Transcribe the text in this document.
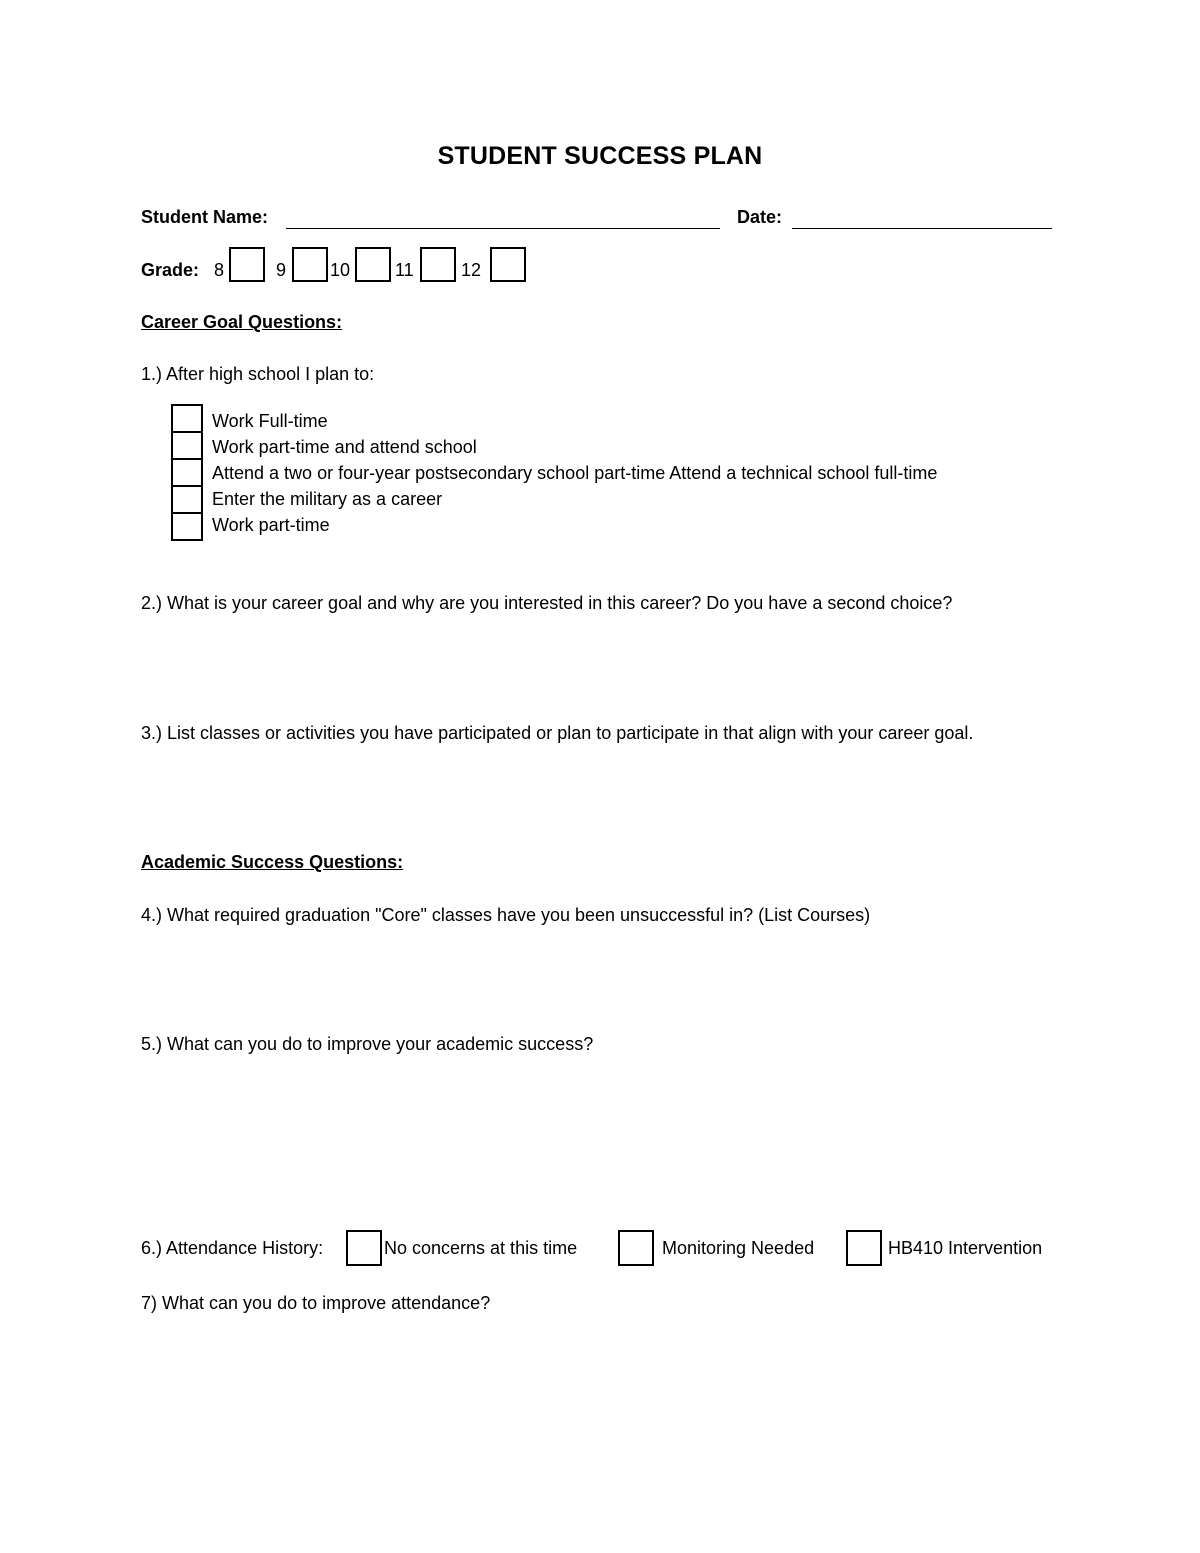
STUDENT SUCCESS PLAN
Student Name:	Date:
Grade: 8	9 10 11	12
Career Goal Questions:
1.) After high school I plan to:
Work Full-time
Work part-time and attend school
Attend a two or four-year postsecondary school part-time Attend a technical school full-time
Enter the military as a career
Work part-time
2.) What is your career goal and why are you interested in this career? Do you have a second choice?
3.) List classes or activities you have participated or plan to participate in that align with your career goal.
Academic Success Questions:
4.) What required graduation "Core" classes have you been unsuccessful in? (List Courses)
5.) What can you do to improve your academic success?
6.) Attendance History:	No concerns at this time	Monitoring Needed	HB410 Intervention
7) What can you do to improve attendance?
